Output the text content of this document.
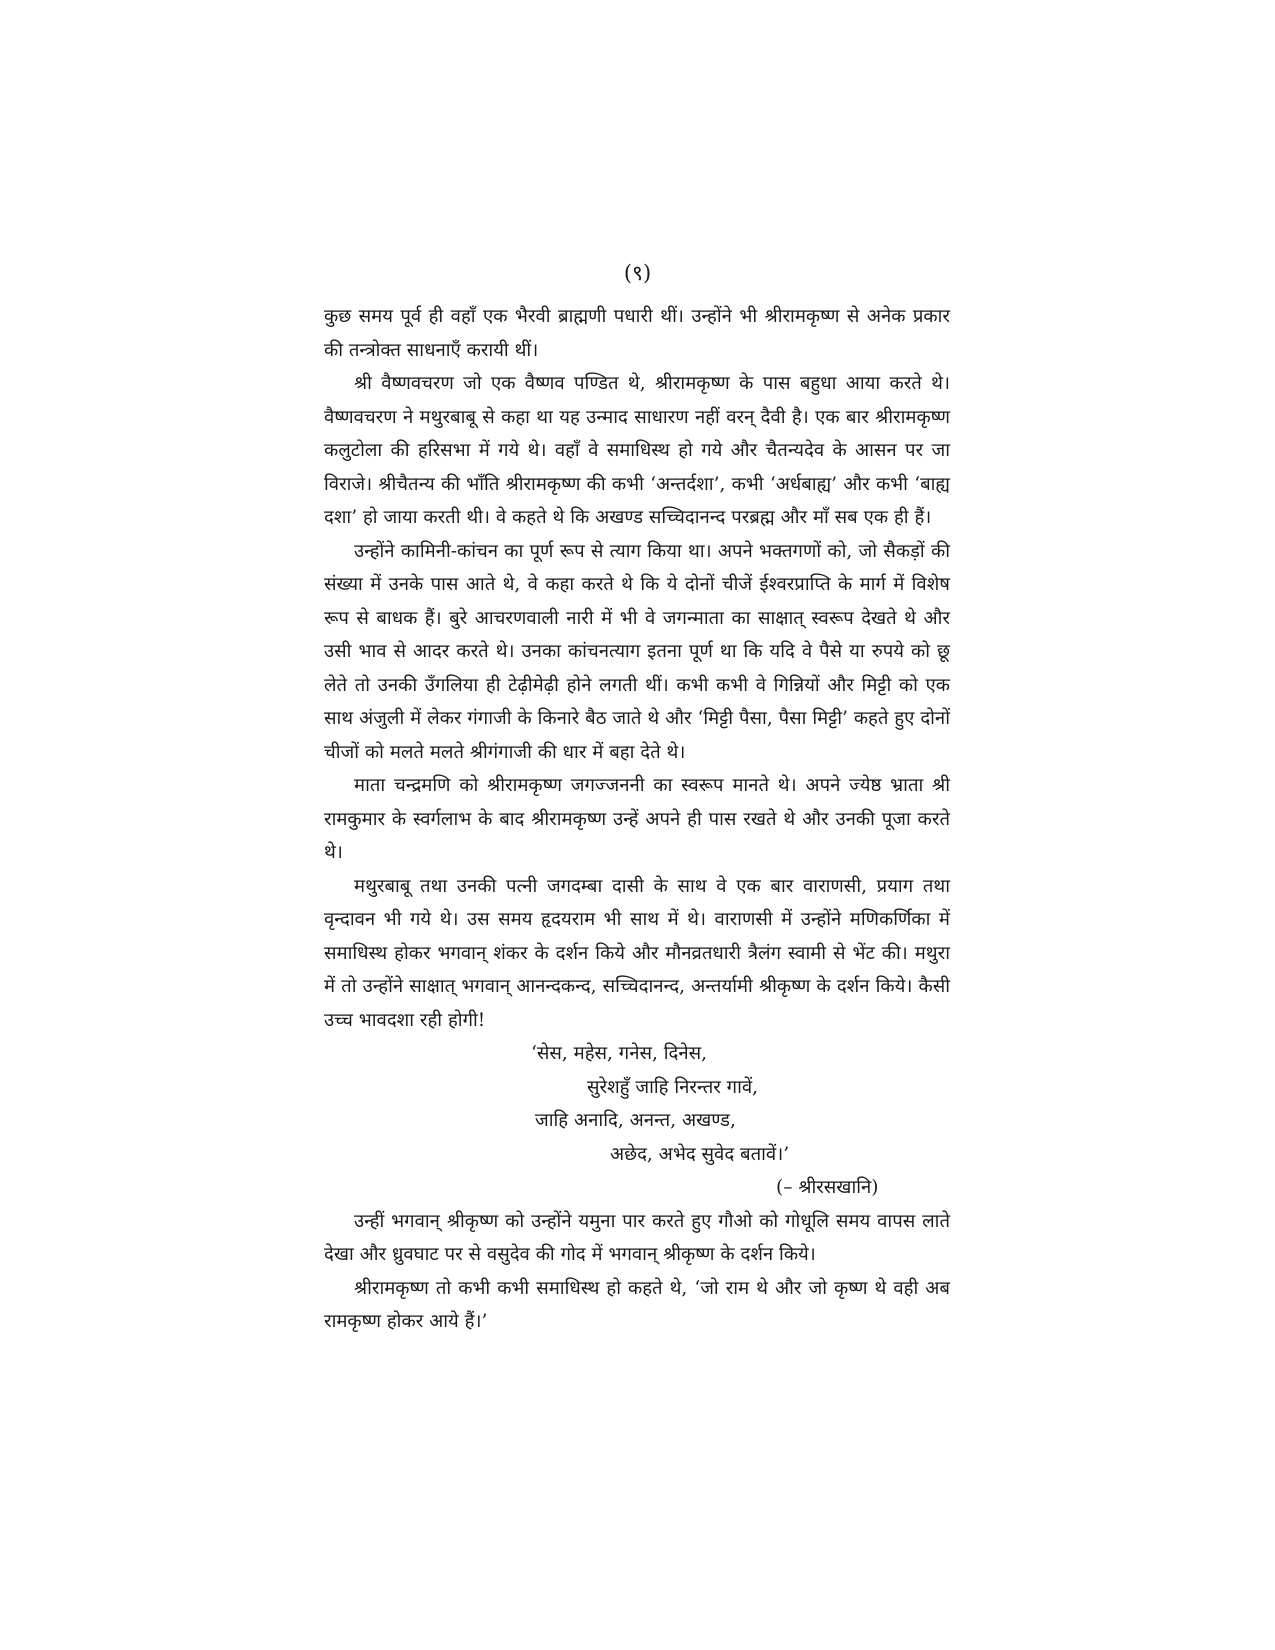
(९)

कुछ समय पूर्व ही वहाँ एक भैरवी ब्राह्मणी पधारी थीं। उन्होंने भी श्रीरामकृष्ण से अनेक प्रकार की तन्त्रोक्त साधनाएँ करायी थीं।

श्री वैष्णवचरण जो एक वैष्णव पण्डित थे, श्रीरामकृष्ण के पास बहुधा आया करते थे। वैष्णवचरण ने मथुरबाबू से कहा था यह उन्माद साधारण नहीं वरन् दैवी है। एक बार श्रीरामकृष्ण कलुटोला की हरिसभा में गये थे। वहाँ वे समाधिस्थ हो गये और चैतन्यदेव के आसन पर जा विराजे। श्रीचैतन्य की भाँति श्रीरामकृष्ण की कभी ‘अन्तर्दशा’, कभी ‘अर्धबाह्य’ और कभी ‘बाह्य दशा’ हो जाया करती थी। वे कहते थे कि अखण्ड सच्चिदानन्द परब्रह्म और माँ सब एक ही हैं।

उन्होंने कामिनी-कांचन का पूर्ण रूप से त्याग किया था। अपने भक्तगणों को, जो सैकड़ों की संख्या में उनके पास आते थे, वे कहा करते थे कि ये दोनों चीजें ईश्वरप्राप्ति के मार्ग में विशेष रूप से बाधक हैं। बुरे आचरणवाली नारी में भी वे जगन्माता का साक्षात् स्वरूप देखते थे और उसी भाव से आदर करते थे। उनका कांचनत्याग इतना पूर्ण था कि यदि वे पैसे या रुपये को छू लेते तो उनकी उँगलिया ही टेढ़ीमेढ़ी होने लगती थीं। कभी कभी वे गिन्नियों और मिट्टी को एक साथ अंजुली में लेकर गंगाजी के किनारे बैठ जाते थे और ‘मिट्टी पैसा, पैसा मिट्टी’ कहते हुए दोनों चीजों को मलते मलते श्रीगंगाजी की धार में बहा देते थे।

माता चन्द्रमणि को श्रीरामकृष्ण जगज्जननी का स्वरूप मानते थे। अपने ज्येष्ठ भ्राता श्री रामकुमार के स्वर्गलाभ के बाद श्रीरामकृष्ण उन्हें अपने ही पास रखते थे और उनकी पूजा करते थे।

मथुरबाबू तथा उनकी पत्नी जगदम्बा दासी के साथ वे एक बार वाराणसी, प्रयाग तथा वृन्दावन भी गये थे। उस समय हृदयराम भी साथ में थे। वाराणसी में उन्होंने मणिकर्णिका में समाधिस्थ होकर भगवान् शंकर के दर्शन किये और मौनव्रतधारी त्रैलंग स्वामी से भेंट की। मथुरा में तो उन्होंने साक्षात् भगवान् आनन्दकन्द, सच्चिदानन्द, अन्तर्यामी श्रीकृष्ण के दर्शन किये। कैसी उच्च भावदशा रही होगी!

‘सेस, महेस, गनेस, दिनेस,
सुरेशहुँ जाहि निरन्तर गावें,
जाहि अनादि, अनन्त, अखण्ड,
अछेद, अभेद सुवेद बतावें।’
(– श्रीरसखानि)

उन्हीं भगवान् श्रीकृष्ण को उन्होंने यमुना पार करते हुए गौओ को गोधूलि समय वापस लाते देखा और ध्रुवघाट पर से वसुदेव की गोद में भगवान् श्रीकृष्ण के दर्शन किये।

श्रीरामकृष्ण तो कभी कभी समाधिस्थ हो कहते थे, ‘जो राम थे और जो कृष्ण थे वही अब रामकृष्ण होकर आये हैं।’
